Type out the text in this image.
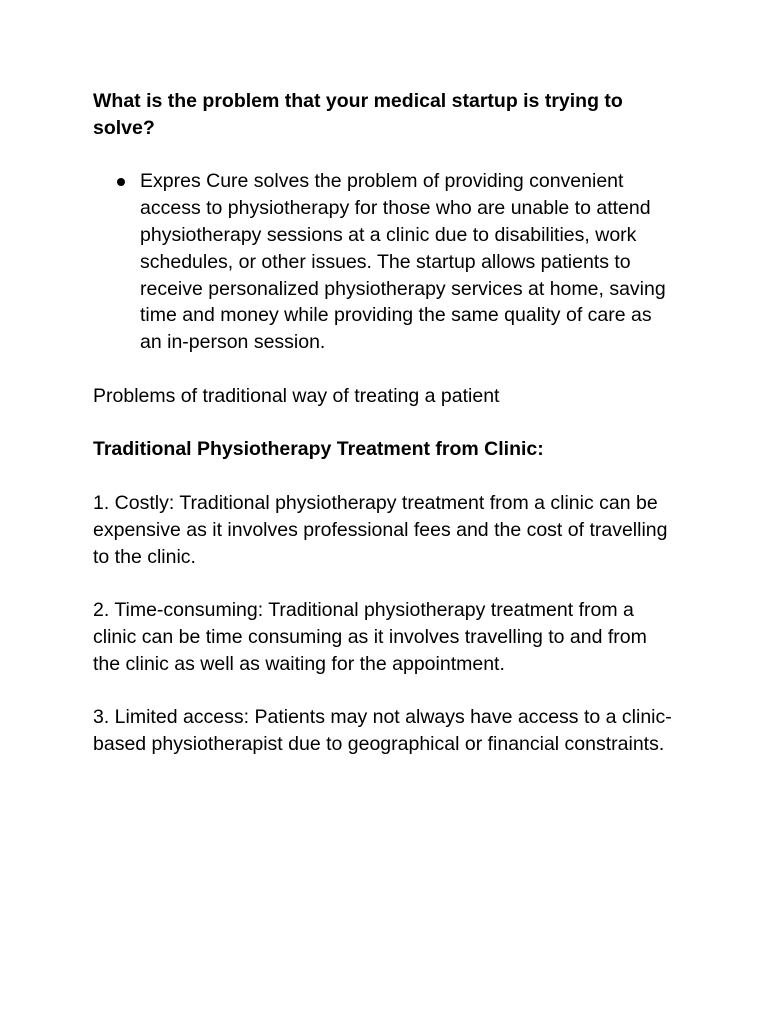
What is the problem that your medical startup is trying to solve?

Expres Cure solves the problem of providing convenient access to physiotherapy for those who are unable to attend physiotherapy sessions at a clinic due to disabilities, work schedules, or other issues. The startup allows patients to receive personalized physiotherapy services at home, saving time and money while providing the same quality of care as an in-person session.

Problems of traditional way of treating a patient

Traditional Physiotherapy Treatment from Clinic:

1. Costly: Traditional physiotherapy treatment from a clinic can be expensive as it involves professional fees and the cost of travelling to the clinic.

2. Time-consuming: Traditional physiotherapy treatment from a clinic can be time consuming as it involves travelling to and from the clinic as well as waiting for the appointment.

3. Limited access: Patients may not always have access to a clinic-based physiotherapist due to geographical or financial constraints.
